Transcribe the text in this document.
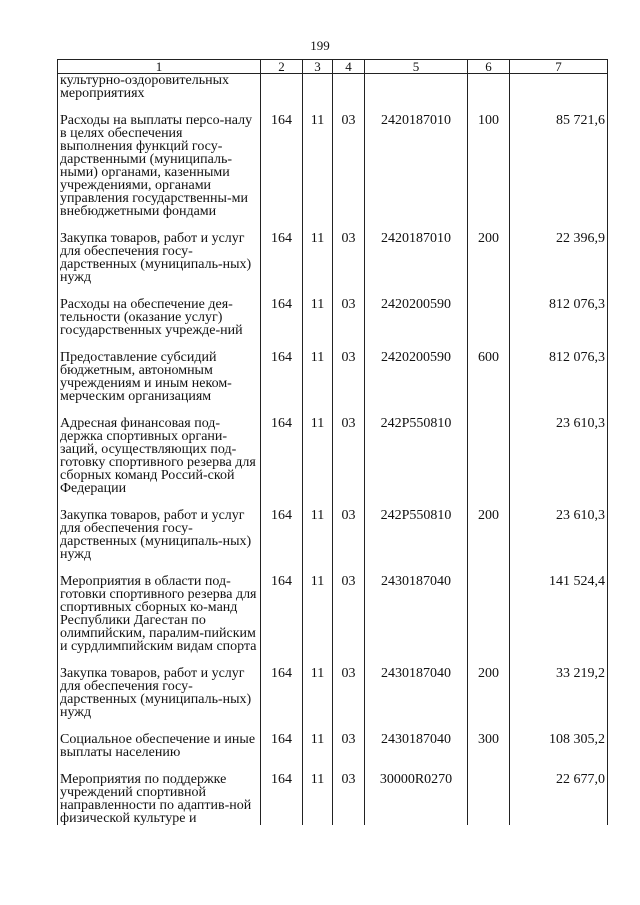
199
1	2	3	4	5	6	7
культурно-оздоровительных мероприятиях						

Расходы на выплаты персо-налу в целях обеспечения выполнения функций госу-дарственными (муниципаль-ными) органами, казенными учреждениями, органами управления государственны-ми внебюджетными фондами	164	11	03	2420187010	100	85 721,6

Закупка товаров, работ и услуг для обеспечения госу-дарственных (муниципаль-ных) нужд	164	11	03	2420187010	200	22 396,9

Расходы на обеспечение дея-тельности (оказание услуг) государственных учрежде-ний	164	11	03	2420200590		812 076,3

Предоставление субсидий бюджетным, автономным учреждениям и иным неком-мерческим организациям	164	11	03	2420200590	600	812 076,3

Адресная финансовая под-держка спортивных органи-заций, осуществляющих под-готовку спортивного резерва для сборных команд Россий-ской Федерации	164	11	03	242P550810		23 610,3

Закупка товаров, работ и услуг для обеспечения госу-дарственных (муниципаль-ных) нужд	164	11	03	242P550810	200	23 610,3

Мероприятия в области под-готовки спортивного резерва для спортивных сборных ко-манд Республики Дагестан по олимпийским, паралим-пийским и сурдлимпийским видам спорта	164	11	03	2430187040		141 524,4

Закупка товаров, работ и услуг для обеспечения госу-дарственных (муниципаль-ных) нужд	164	11	03	2430187040	200	33 219,2

Социальное обеспечение и иные выплаты населению	164	11	03	2430187040	300	108 305,2

Мероприятия по поддержке учреждений спортивной направленности по адаптив-ной физической культуре и	164	11	03	30000R0270		22 677,0
